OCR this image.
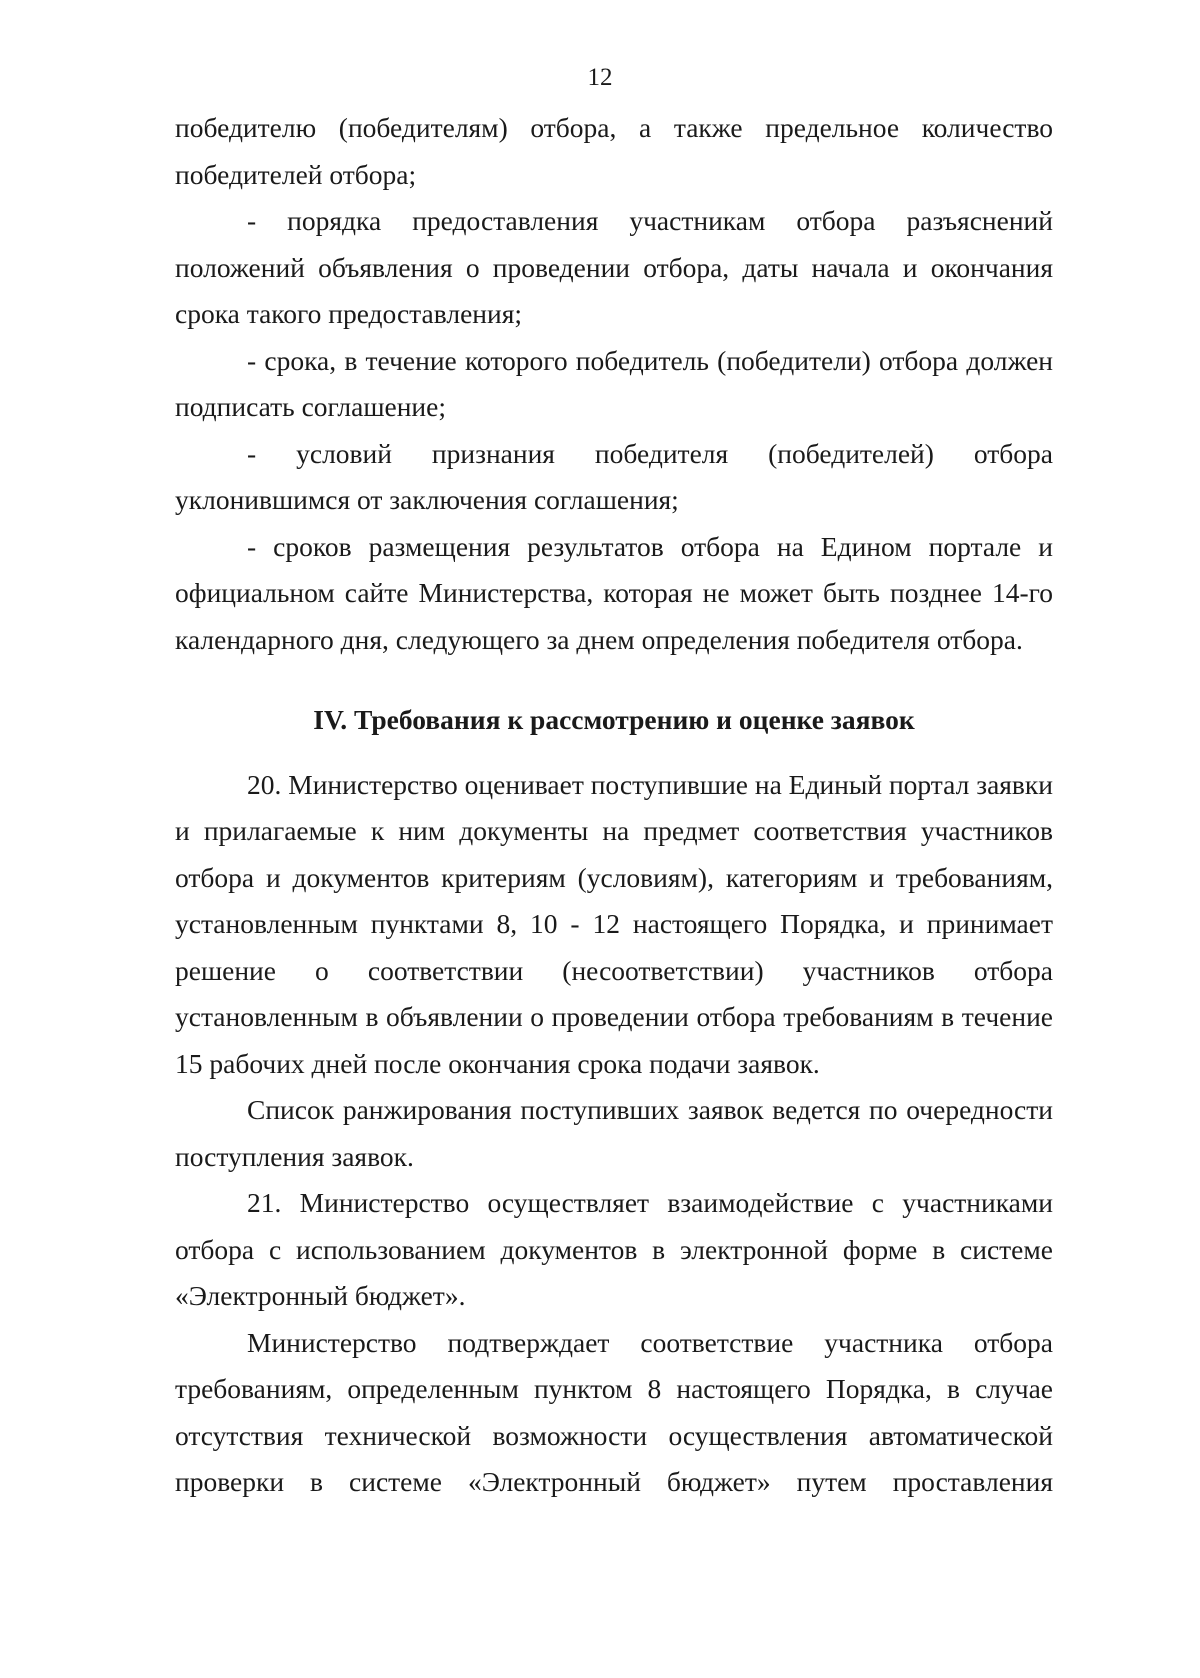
12

победителю (победителям) отбора, а также предельное количество победителей отбора;

- порядка предоставления участникам отбора разъяснений положений объявления о проведении отбора, даты начала и окончания срока такого предоставления;

- срока, в течение которого победитель (победители) отбора должен подписать соглашение;

- условий признания победителя (победителей) отбора уклонившимся от заключения соглашения;

- сроков размещения результатов отбора на Едином портале и официальном сайте Министерства, которая не может быть позднее 14-го календарного дня, следующего за днем определения победителя отбора.

IV. Требования к рассмотрению и оценке заявок

20. Министерство оценивает поступившие на Единый портал заявки и прилагаемые к ним документы на предмет соответствия участников отбора и документов критериям (условиям), категориям и требованиям, установленным пунктами 8, 10 - 12 настоящего Порядка, и принимает решение о соответствии (несоответствии) участников отбора установленным в объявлении о проведении отбора требованиям в течение 15 рабочих дней после окончания срока подачи заявок.

Список ранжирования поступивших заявок ведется по очередности поступления заявок.

21. Министерство осуществляет взаимодействие с участниками отбора с использованием документов в электронной форме в системе «Электронный бюджет».

Министерство подтверждает соответствие участника отбора требованиям, определенным пунктом 8 настоящего Порядка, в случае отсутствия технической возможности осуществления автоматической проверки в системе «Электронный бюджет» путем проставления
